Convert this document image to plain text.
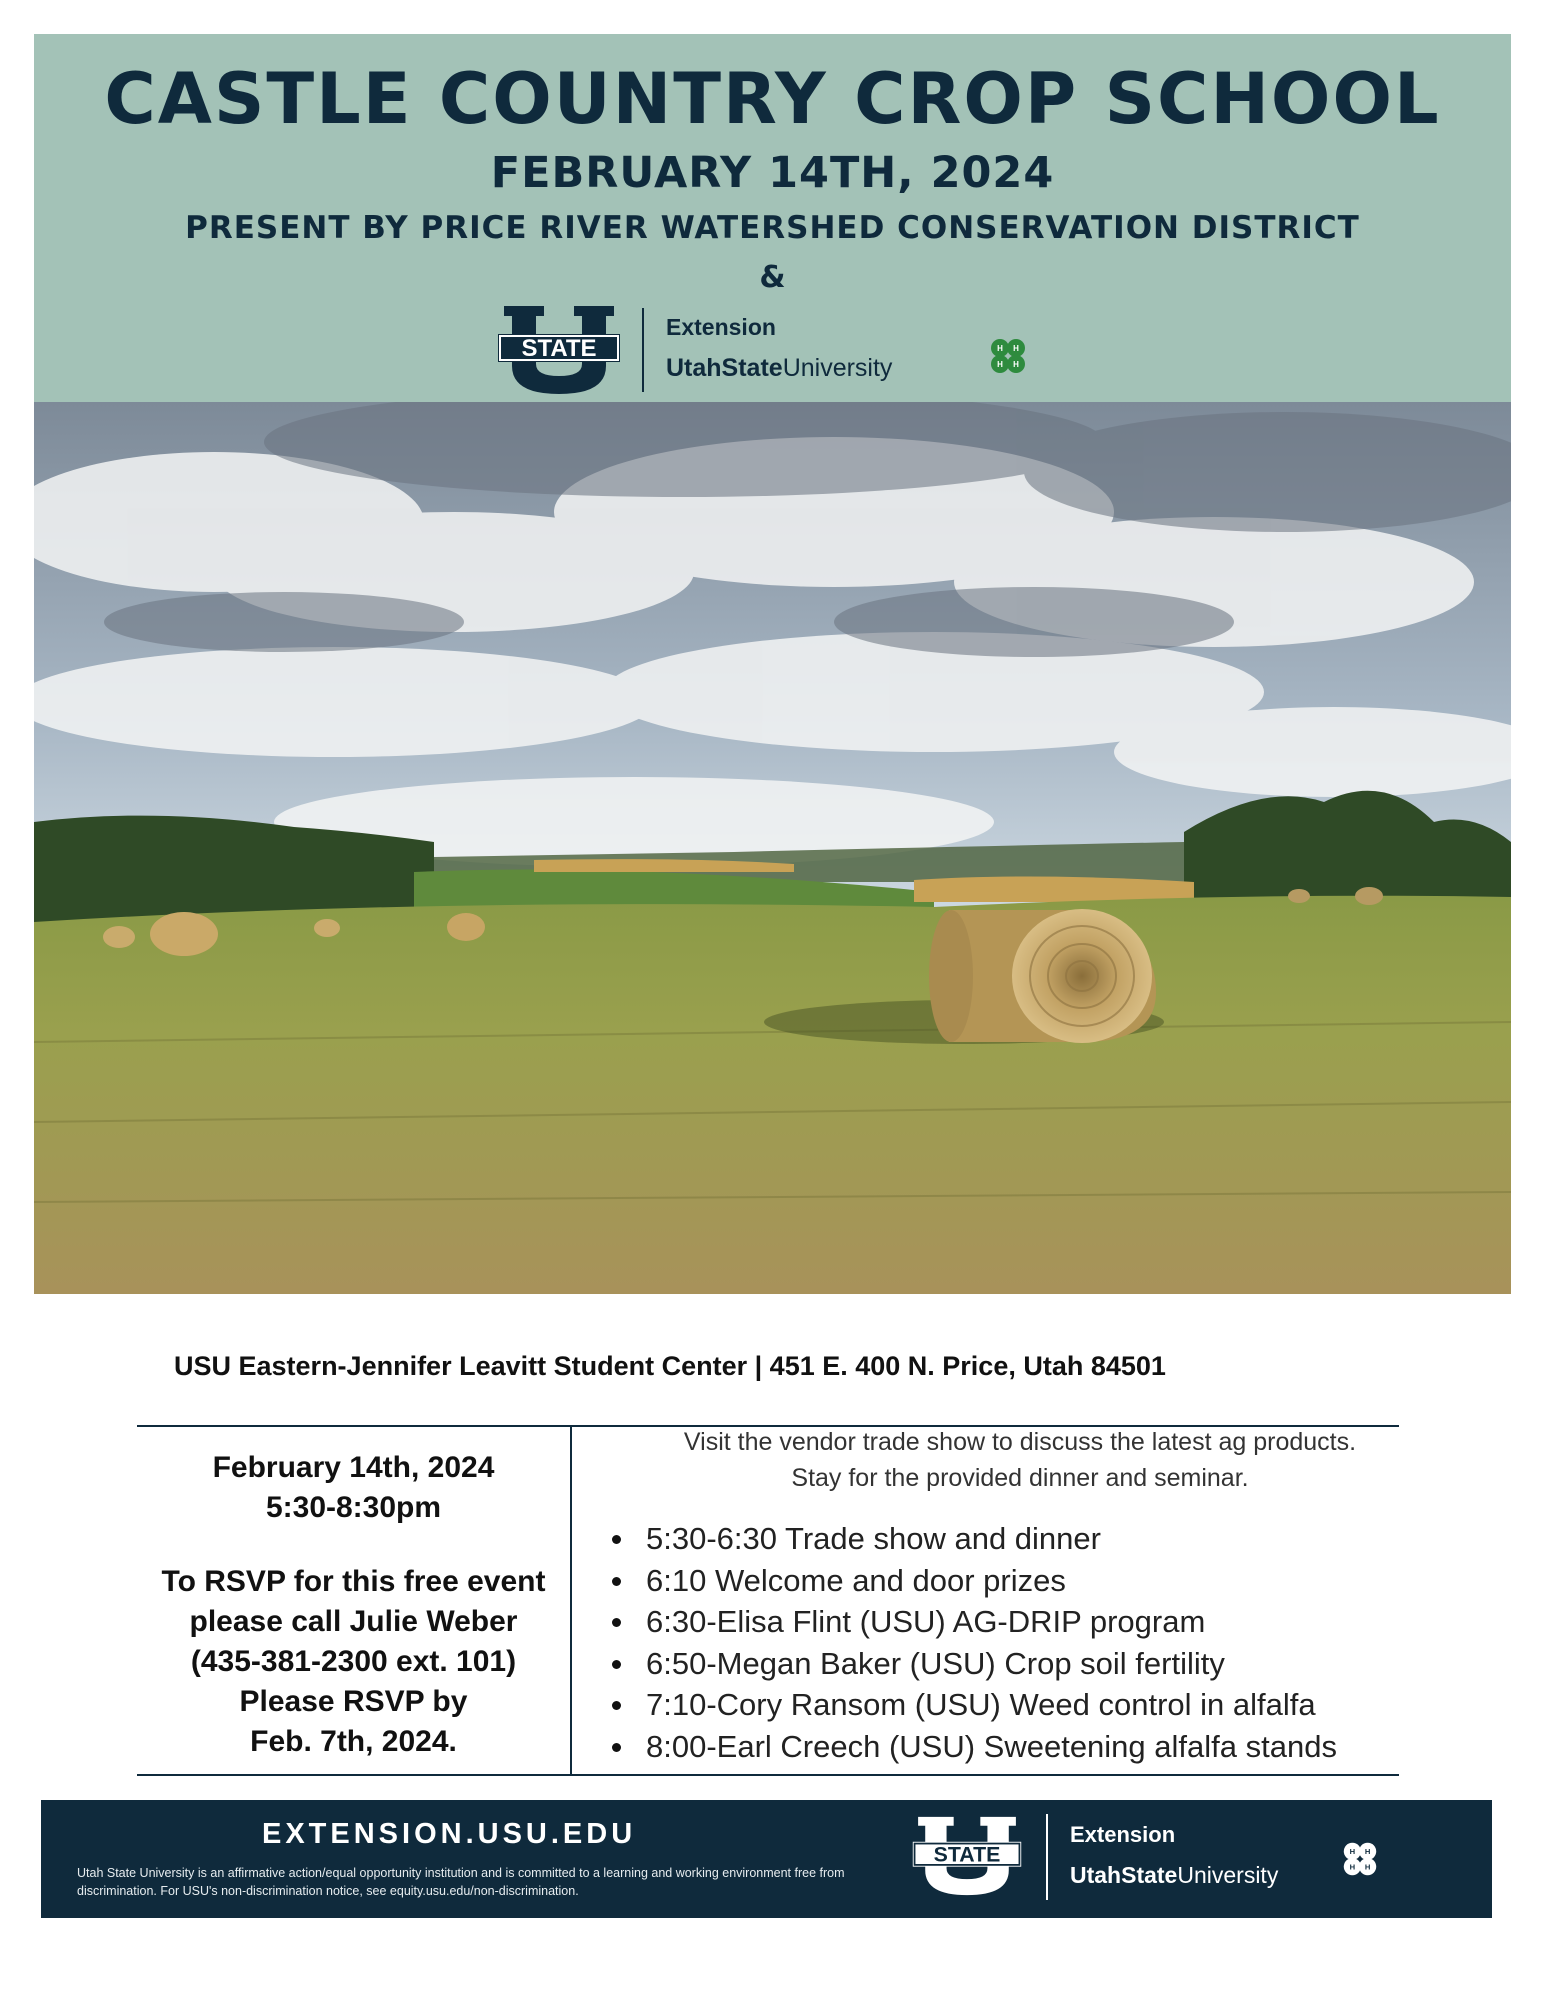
CASTLE COUNTRY CROP SCHOOL
FEBRUARY 14TH, 2024
PRESENT BY PRICE RIVER WATERSHED CONSERVATION DISTRICT
&
STATE
Extension
UtahStateUniversity
H H
H H
USU Eastern-Jennifer Leavitt Student Center | 451 E. 400 N. Price, Utah 84501
February 14th, 2024
5:30-8:30pm
To RSVP for this free event
please call Julie Weber
(435-381-2300 ext. 101)
Please RSVP by
Feb. 7th, 2024.
Visit the vendor trade show to discuss the latest ag products.
Stay for the provided dinner and seminar.
5:30-6:30 Trade show and dinner
6:10 Welcome and door prizes
6:30-Elisa Flint (USU) AG-DRIP program
6:50-Megan Baker (USU) Crop soil fertility
7:10-Cory Ransom (USU) Weed control in alfalfa
8:00-Earl Creech (USU) Sweetening alfalfa stands
EXTENSION.USU.EDU
Utah State University is an affirmative action/equal opportunity institution and is committed to a learning and working environment free from discrimination. For USU's non-discrimination notice, see equity.usu.edu/non-discrimination.
STATE
Extension
UtahStateUniversity
H H
H H
